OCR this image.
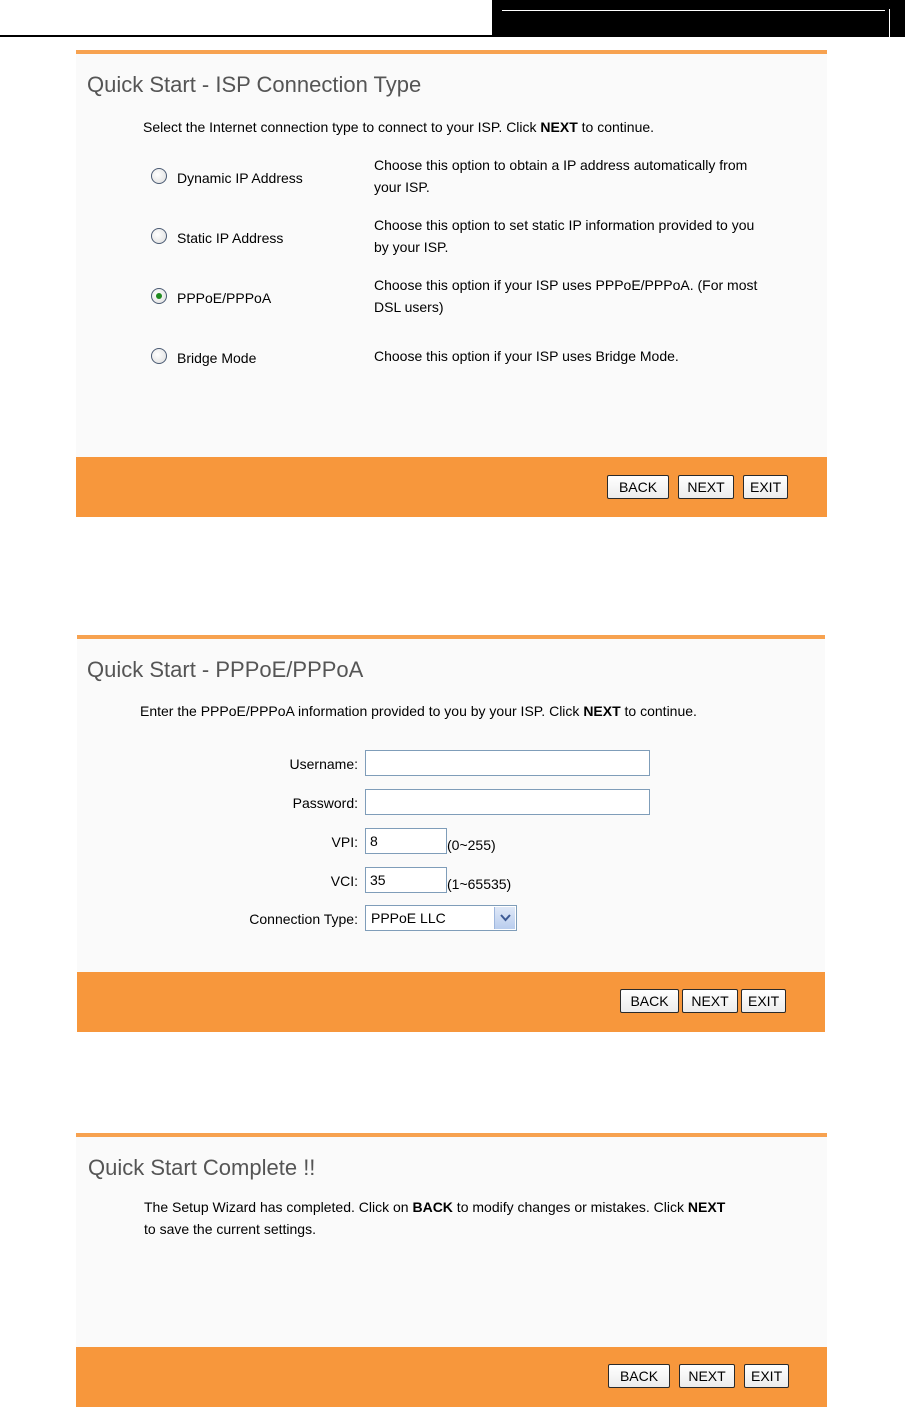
Quick Start - ISP Connection Type
Select the Internet connection type to connect to your ISP. Click NEXT to continue.
Dynamic IP Address
Choose this option to obtain a IP address automatically from
your ISP.
Static IP Address
Choose this option to set static IP information provided to you
by your ISP.
PPPoE/PPPoA
Choose this option if your ISP uses PPPoE/PPPoA. (For most
DSL users)
Bridge Mode	Choose this option if your ISP uses Bridge Mode.
BACK	NEXT	EXIT
Quick Start - PPPoE/PPPoA
Enter the PPPoE/PPPoA information provided to you by your ISP. Click NEXT to continue.
Username:
Password:
VPI:
8	(0~255)
VCI:
35	(1~65535)
Connection Type: PPPoE LLC
BACK	NEXT	EXIT
Quick Start Complete !!
The Setup Wizard has completed. Click on BACK to modify changes or mistakes. Click NEXT
to save the current settings.
BACK	NEXT	EXIT
